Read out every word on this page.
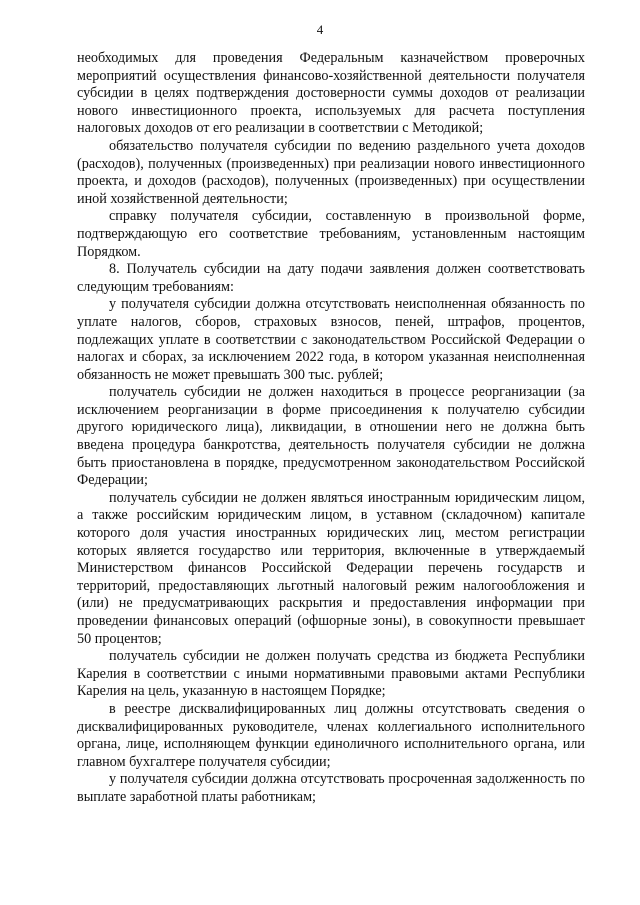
4

необходимых для проведения Федеральным казначейством проверочных мероприятий осуществления финансово-хозяйственной деятельности получателя субсидии в целях подтверждения достоверности суммы доходов от реализации нового инвестиционного проекта, используемых для расчета поступления налоговых доходов от его реализации в соответствии с Методикой;

обязательство получателя субсидии по ведению раздельного учета доходов (расходов), полученных (произведенных) при реализации нового инвестиционного проекта, и доходов (расходов), полученных (произведенных) при осуществлении иной хозяйственной деятельности;

справку получателя субсидии, составленную в произвольной форме, подтверждающую его соответствие требованиям, установленным настоящим Порядком.

8. Получатель субсидии на дату подачи заявления должен соответствовать следующим требованиям:

у получателя субсидии должна отсутствовать неисполненная обязанность по уплате налогов, сборов, страховых взносов, пеней, штрафов, процентов, подлежащих уплате в соответствии с законодательством Российской Федерации о налогах и сборах, за исключением 2022 года, в котором указанная неисполненная обязанность не может превышать 300 тыс. рублей;

получатель субсидии не должен находиться в процессе реорганизации (за исключением реорганизации в форме присоединения к получателю субсидии другого юридического лица), ликвидации, в отношении него не должна быть введена процедура банкротства, деятельность получателя субсидии не должна быть приостановлена в порядке, предусмотренном законодательством Российской Федерации;

получатель субсидии не должен являться иностранным юридическим лицом, а также российским юридическим лицом, в уставном (складочном) капитале которого доля участия иностранных юридических лиц, местом регистрации которых является государство или территория, включенные в утверждаемый Министерством финансов Российской Федерации перечень государств и территорий, предоставляющих льготный налоговый режим налогообложения и (или) не предусматривающих раскрытия и предоставления информации при проведении финансовых операций (офшорные зоны), в совокупности превышает 50 процентов;

получатель субсидии не должен получать средства из бюджета Республики Карелия в соответствии с иными нормативными правовыми актами Республики Карелия на цель, указанную в настоящем Порядке;

в реестре дисквалифицированных лиц должны отсутствовать сведения о дисквалифицированных руководителе, членах коллегиального исполнительного органа, лице, исполняющем функции единоличного исполнительного органа, или главном бухгалтере получателя субсидии;

у получателя субсидии должна отсутствовать просроченная задолженность по выплате заработной платы работникам;
